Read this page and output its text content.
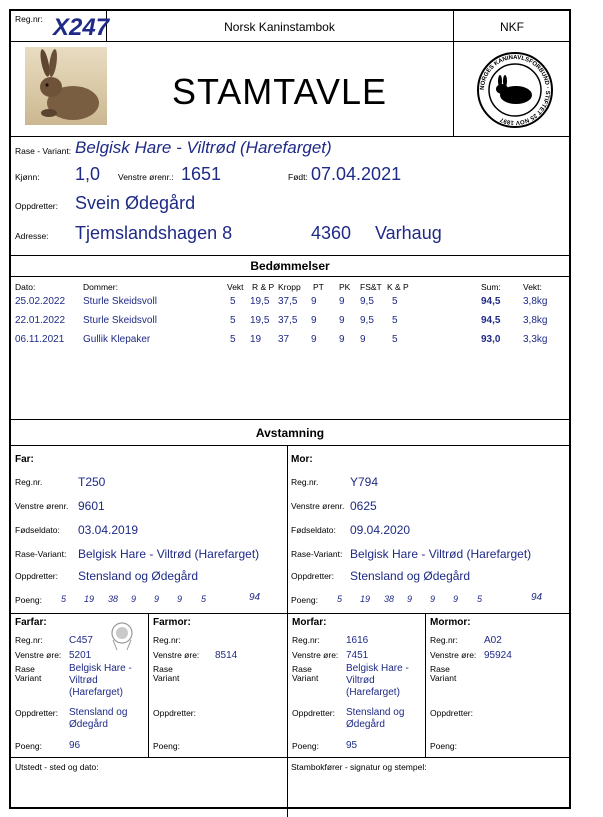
Reg.nr: X247	Norsk Kaninstambok	NKF
STAMTAVLE	NORGES KANINAVLSFORBUND · STIFTET 25 NOV 1897
Rase - Variant: Belgisk Hare - Viltrød (Harefarget)
Kjønn: 1,0 Venstre ørenr.: 1651	Født: 07.04.2021
Oppdretter: Svein Ødegård
Adresse: Tjemslandshagen 8	4360 Varhaug
Bedømmelser
Dato:	Dommer:	Vekt R & P Kropp PT PK FS&T K & P	Sum:	Vekt:
25.02.2022 Sturle Skeidsvoll	5 19,5 37,5 9 9 9,5 5	94,5 3,8kg
22.01.2022 Sturle Skeidsvoll	5 19,5 37,5 9 9 9,5 5	94,5 3,8kg
06.11.2021 Gullik Klepaker	5 19 37 9 9 9	5	93,0 3,3kg
Avstamning
Far:
Reg.nr.	T250
Venstre ørenr. 9601
Fødseldato: 03.04.2019
Rase-Variant: Belgisk Hare - Viltrød (Harefarget)
Oppdretter: Stensland og Ødegård
Poeng: 5 19 38 9 9 9 5	94
Mor:
Reg.nr.	Y794
Venstre ørenr. 0625
Fødseldato: 09.04.2020
Rase-Variant: Belgisk Hare - Viltrød (Harefarget)
Oppdretter: Stensland og Ødegård
Poeng: 5 19 38 9 9 9 5	94
Farfar:
Reg.nr:	C457
Venstre øre: 5201
Rase
Variant
Belgisk Hare - Viltrød (Harefarget)
Oppdretter: Stensland og Ødegård
Poeng:	96
Farmor:
Reg.nr:
Venstre øre: 8514
Rase
Variant
Oppdretter:
Poeng:
Morfar:
Reg.nr:	1616
Venstre øre: 7451
Rase
Variant
Belgisk Hare - Viltrød (Harefarget)
Oppdretter: Stensland og Ødegård
Poeng:	95
Mormor:
Reg.nr:	A02
Venstre øre: 95924
Rase
Variant
Oppdretter:
Poeng:
Utstedt - sted og dato:	Stambokfører - signatur og stempel:
